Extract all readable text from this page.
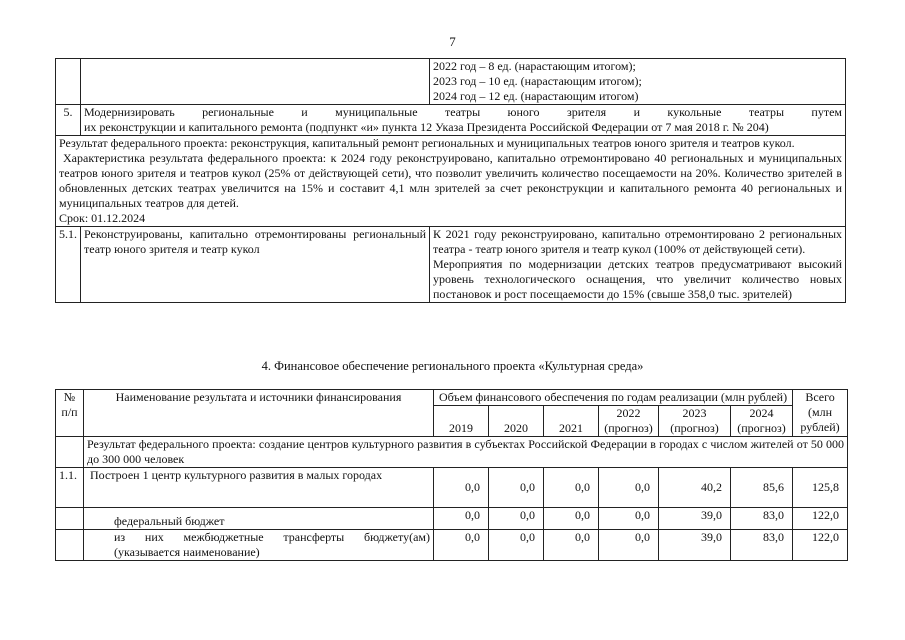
7

		2022 год – 8 ед. (нарастающим итогом);
2023 год – 10 ед. (нарастающим итогом);
2024 год – 12 ед. (нарастающим итогом)

5.	Модернизировать региональные и муниципальные театры юного зрителя и кукольные театры путем
их реконструкции и капитального ремонта (подпункт «и» пункта 12 Указа Президента Российской Федерации от 7 мая 2018 г. № 204)	

Результат федерального проекта: реконструкция, капитальный ремонт региональных и муниципальных театров юного зрителя и театров кукол.
Характеристика результата федерального проекта: к 2024 году реконструировано, капитально отремонтировано 40 региональных и муниципальных театров юного зрителя и театров кукол (25% от действующей сети), что позволит увеличить количество посещаемости на 20%. Количество зрителей в обновленных детских театрах увеличится на 15% и составит 4,1 млн зрителей за счет реконструкции и капитального ремонта 40 региональных и муниципальных театров для детей.
Срок: 01.12.2024		

5.1.	Реконструированы, капитально отремонтированы региональный театр юного зрителя и театр кукол	К 2021 году реконструировано, капитально отремонтировано 2 региональных театра - театр юного зрителя и театр кукол (100% от действующей сети).
Мероприятия по модернизации детских театров предусматривают высокий уровень технологического оснащения, что увеличит количество новых постановок и рост посещаемости до 15% (свыше 358,0 тыс. зрителей)
4. Финансовое обеспечение регионального проекта «Культурная среда»
№ п/п	Наименование результата и источники финансирования	Объем финансового обеспечения по годам реализации (млн рублей)						Всего (млн рублей)
		2019	2020	2021	2022 (прогноз)	2023 (прогноз)	2024 (прогноз)	
	Результат федерального проекта: создание центров культурного развития в субъектах Российской Федерации в городах с числом жителей от 50 000 до 300 000 человек							
1.1.	Построен 1 центр культурного развития в малых городах	0,0	0,0	0,0	0,0	40,2	85,6	125,8
	федеральный бюджет	0,0	0,0	0,0	0,0	39,0	83,0	122,0
	из них межбюджетные трансферты бюджету(ам) (указывается наименование)	0,0	0,0	0,0	0,0	39,0	83,0	122,0
